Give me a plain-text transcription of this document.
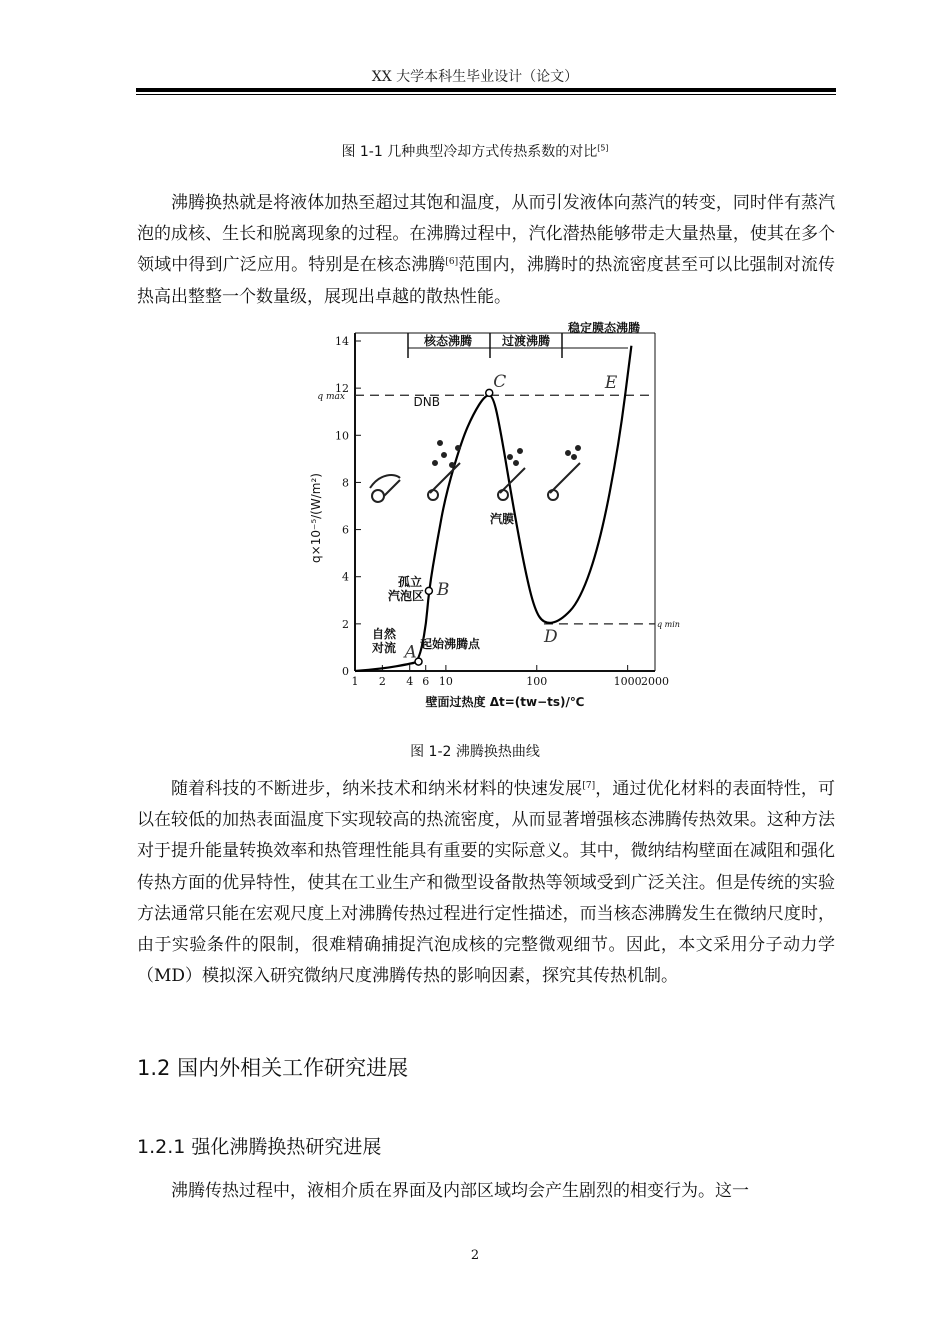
XX 大学本科生毕业设计（论文）
图 1-1 几种典型冷却方式传热系数的对比[5]

沸腾换热就是将液体加热至超过其饱和温度，从而引发液体向蒸汽的转变，同时伴有蒸汽泡的成核、生长和脱离现象的过程。在沸腾过程中，汽化潜热能够带走大量热量，使其在多个领域中得到广泛应用。特别是在核态沸腾[6]范围内，沸腾时的热流密度甚至可以比强制对流传热高出整整一个数量级，展现出卓越的散热性能。

核态沸腾 过渡沸腾
稳定膜态沸腾
1 2 4 6 10	100	1000 2000
0
2
4
6
8
10
12
14
q max
q min
A
B
C
D
E
DNB
孤立汽泡区
自然对流 起始沸腾点
汽膜
q×10⁻⁵/(W/m²)
壁面过热度 Δt=(tw−ts)/℃
图 1-2 沸腾换热曲线

随着科技的不断进步，纳米技术和纳米材料的快速发展[7]，通过优化材料的表面特性，可以在较低的加热表面温度下实现较高的热流密度，从而显著增强核态沸腾传热效果。这种方法对于提升能量转换效率和热管理性能具有重要的实际意义。其中，微纳结构壁面在减阻和强化传热方面的优异特性，使其在工业生产和微型设备散热等领域受到广泛关注。但是传统的实验方法通常只能在宏观尺度上对沸腾传热过程进行定性描述，而当核态沸腾发生在微纳尺度时，由于实验条件的限制，很难精确捕捉汽泡成核的完整微观细节。因此，本文采用分子动力学（MD）模拟深入研究微纳尺度沸腾传热的影响因素，探究其传热机制。

1.2 国内外相关工作研究进展
1.2.1 强化沸腾换热研究进展

沸腾传热过程中，液相介质在界面及内部区域均会产生剧烈的相变行为。这一

2
